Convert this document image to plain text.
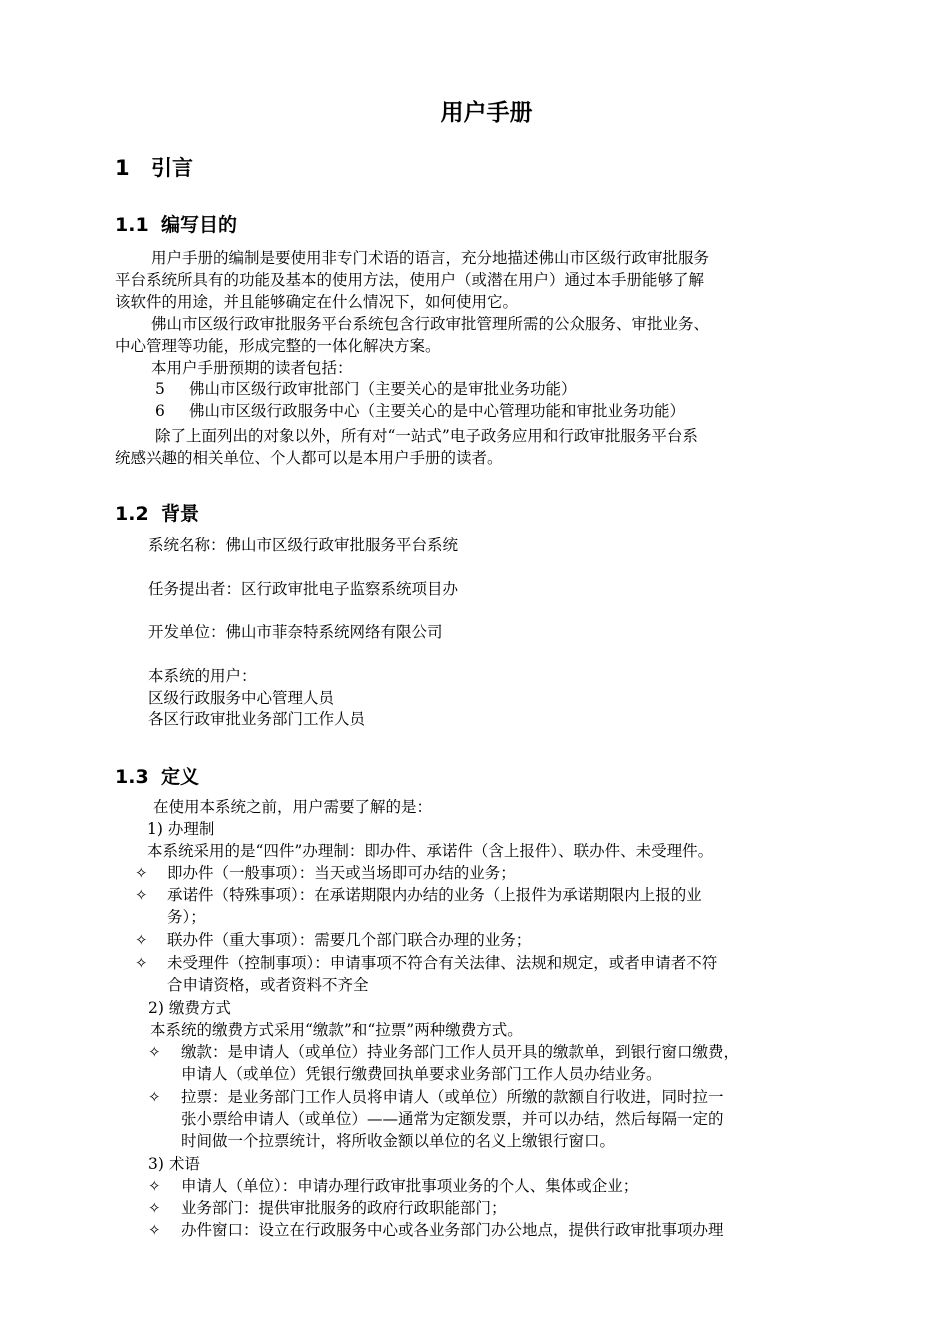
用户手册
1 引言
1.1 编写目的
用户手册的编制是要使用非专门术语的语言，充分地描述佛山市区级行政审批服务
平台系统所具有的功能及基本的使用方法，使用户（或潜在用户）通过本手册能够了解
该软件的用途，并且能够确定在什么情况下，如何使用它。
佛山市区级行政审批服务平台系统包含行政审批管理所需的公众服务、审批业务、
中心管理等功能，形成完整的一体化解决方案。
本用户手册预期的读者包括：
5 佛山市区级行政审批部门（主要关心的是审批业务功能）
6 佛山市区级行政服务中心（主要关心的是中心管理功能和审批业务功能）
除了上面列出的对象以外，所有对“一站式”电子政务应用和行政审批服务平台系
统感兴趣的相关单位、个人都可以是本用户手册的读者。
1.2 背景
系统名称：佛山市区级行政审批服务平台系统
任务提出者：区行政审批电子监察系统项目办
开发单位：佛山市菲奈特系统网络有限公司
本系统的用户：
区级行政服务中心管理人员
各区行政审批业务部门工作人员
1.3 定义
在使用本系统之前，用户需要了解的是：
1) 办理制
本系统采用的是“四件”办理制：即办件、承诺件（含上报件）、联办件、未受理件。
✧ 即办件（一般事项）：当天或当场即可办结的业务；
✧ 承诺件（特殊事项）：在承诺期限内办结的业务（上报件为承诺期限内上报的业
务）；
✧ 联办件（重大事项）：需要几个部门联合办理的业务；
✧ 未受理件（控制事项）：申请事项不符合有关法律、法规和规定，或者申请者不符
合申请资格，或者资料不齐全
2) 缴费方式
本系统的缴费方式采用“缴款”和“拉票”两种缴费方式。
✧ 缴款：是申请人（或单位）持业务部门工作人员开具的缴款单，到银行窗口缴费，
申请人（或单位）凭银行缴费回执单要求业务部门工作人员办结业务。
✧ 拉票：是业务部门工作人员将申请人（或单位）所缴的款额自行收进，同时拉一
张小票给申请人（或单位）——通常为定额发票，并可以办结，然后每隔一定的
时间做一个拉票统计，将所收金额以单位的名义上缴银行窗口。
3) 术语
✧ 申请人（单位）：申请办理行政审批事项业务的个人、集体或企业；
✧ 业务部门：提供审批服务的政府行政职能部门；
✧ 办件窗口：设立在行政服务中心或各业务部门办公地点，提供行政审批事项办理
